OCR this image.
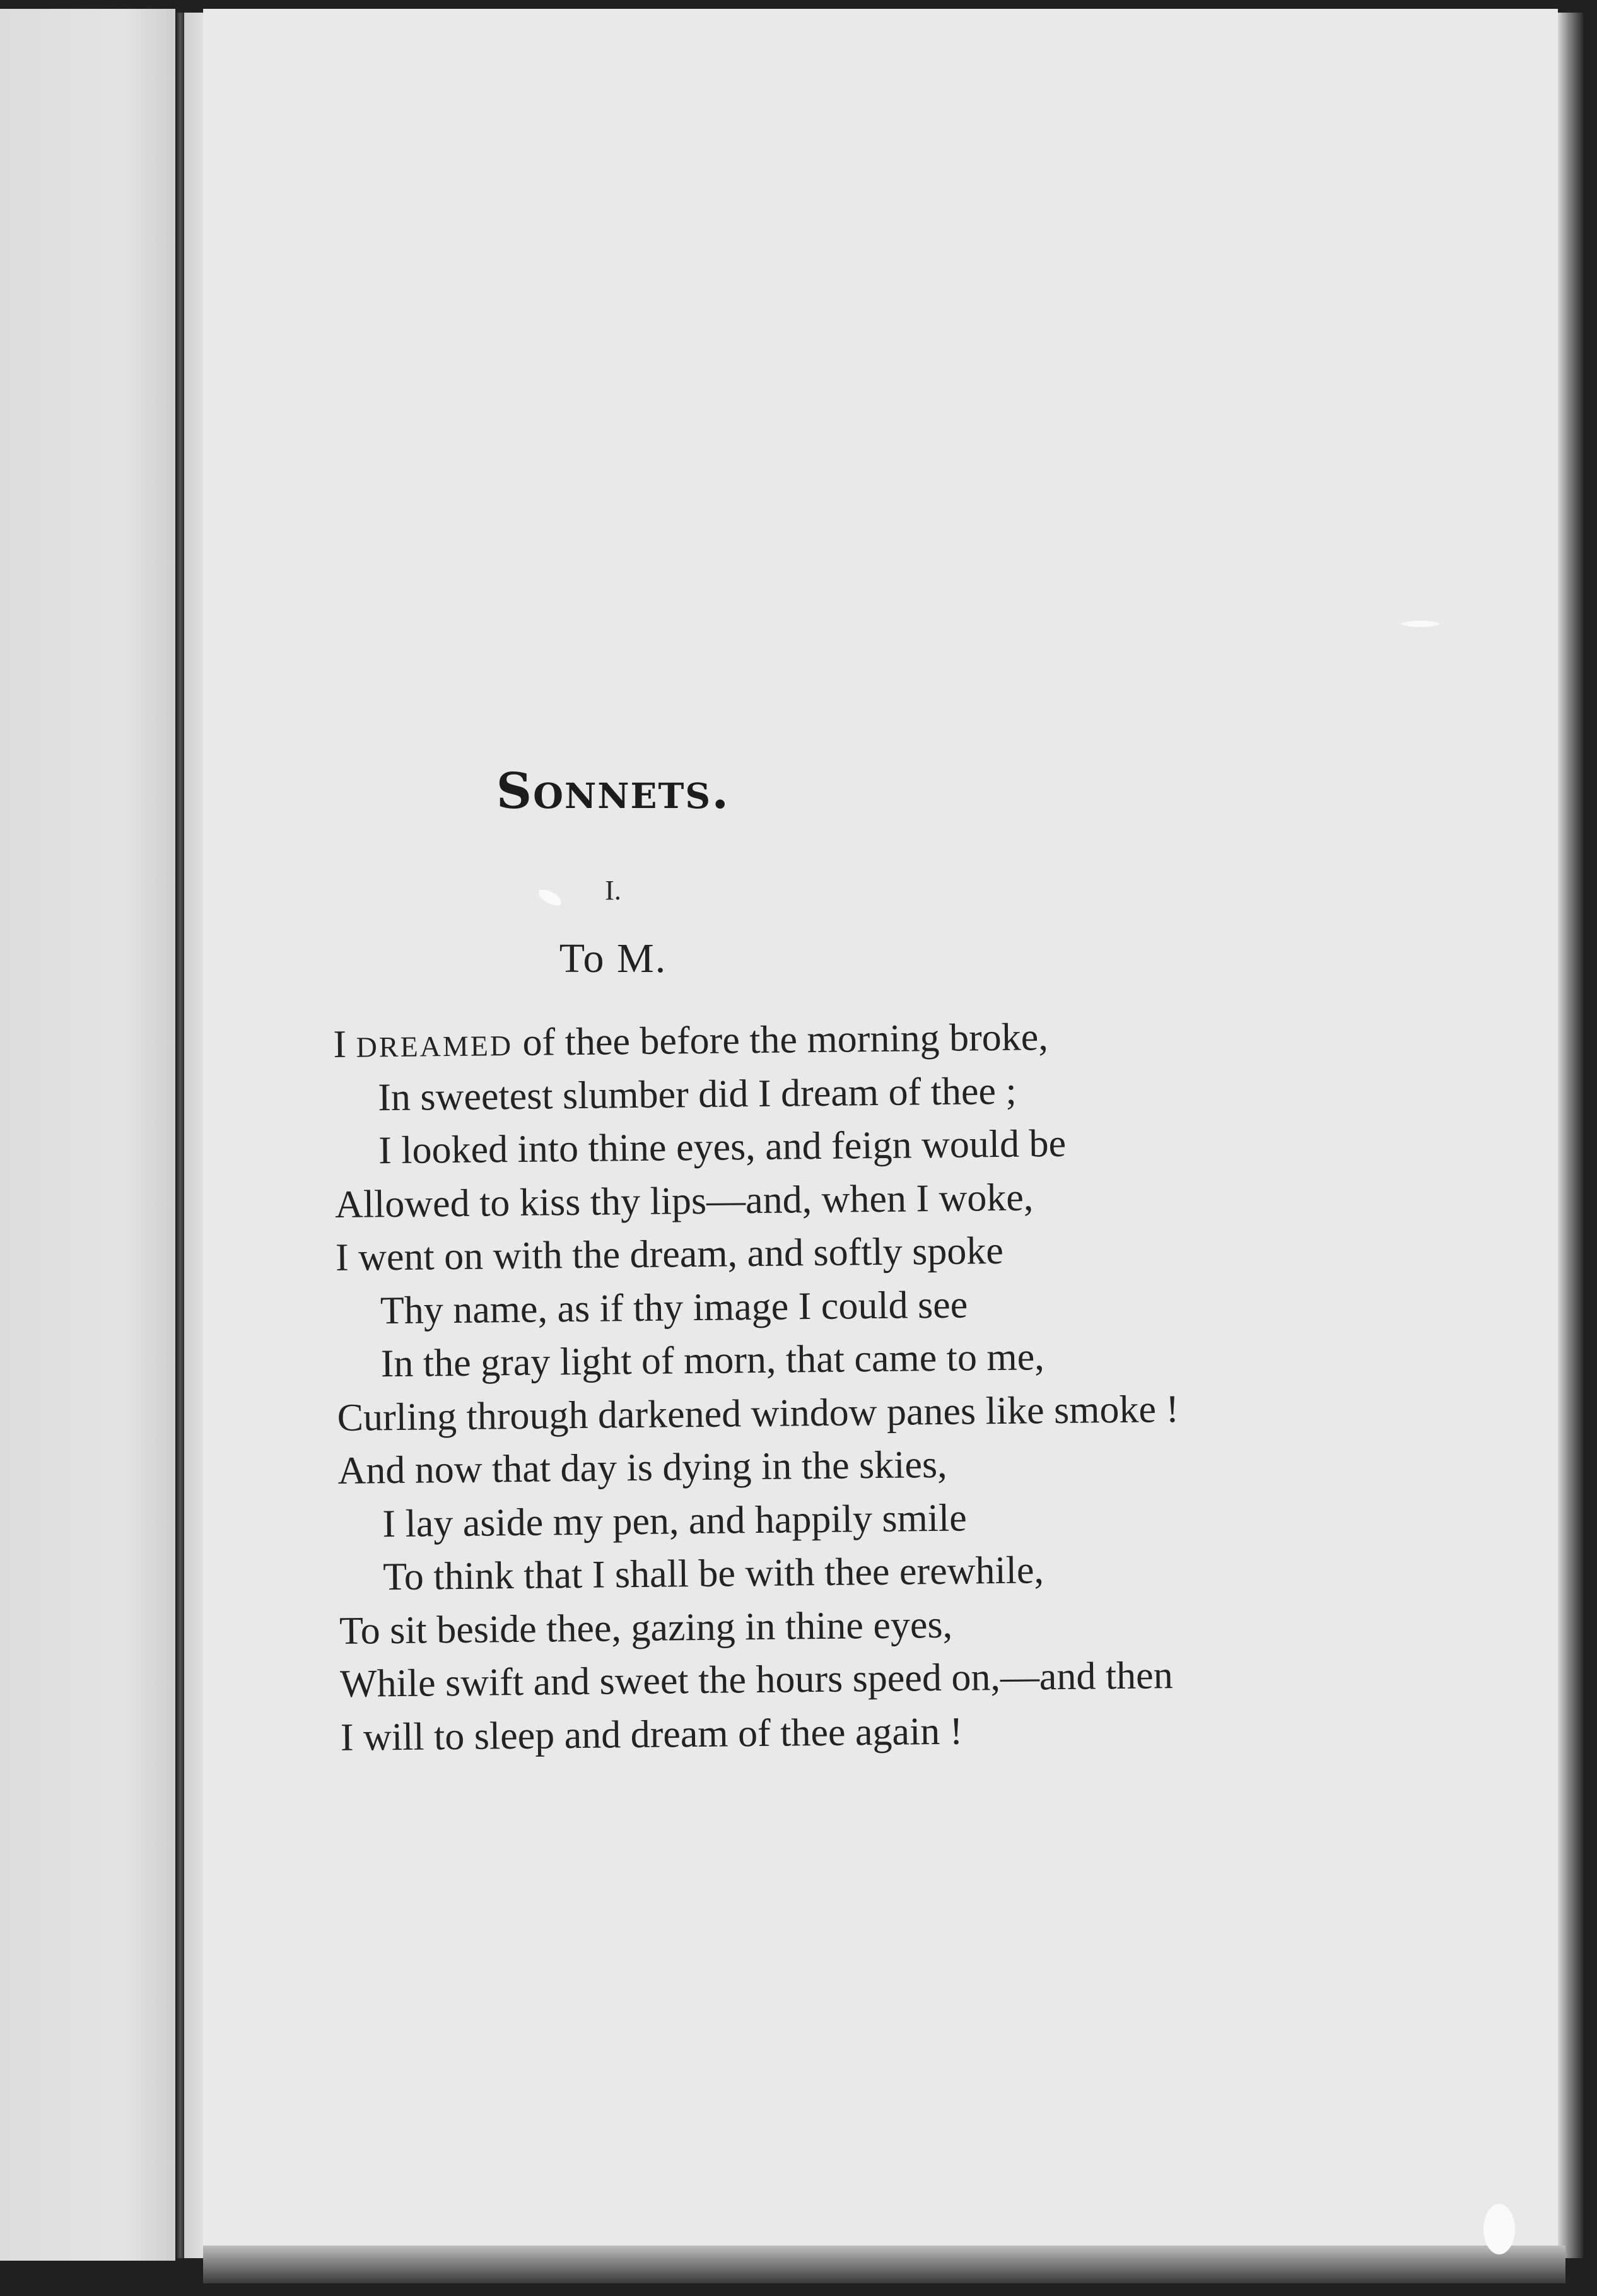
Sonnets.
I.
To M.
I DREAMED of thee before the morning broke,
In sweetest slumber did I dream of thee ;
I looked into thine eyes, and feign would be
Allowed to kiss thy lips—and, when I woke,
I went on with the dream, and softly spoke
Thy name, as if thy image I could see
In the gray light of morn, that came to me,
Curling through darkened window panes like smoke !
And now that day is dying in the skies,
I lay aside my pen, and happily smile
To think that I shall be with thee erewhile,
To sit beside thee, gazing in thine eyes,
While swift and sweet the hours speed on,—and then
I will to sleep and dream of thee again !
